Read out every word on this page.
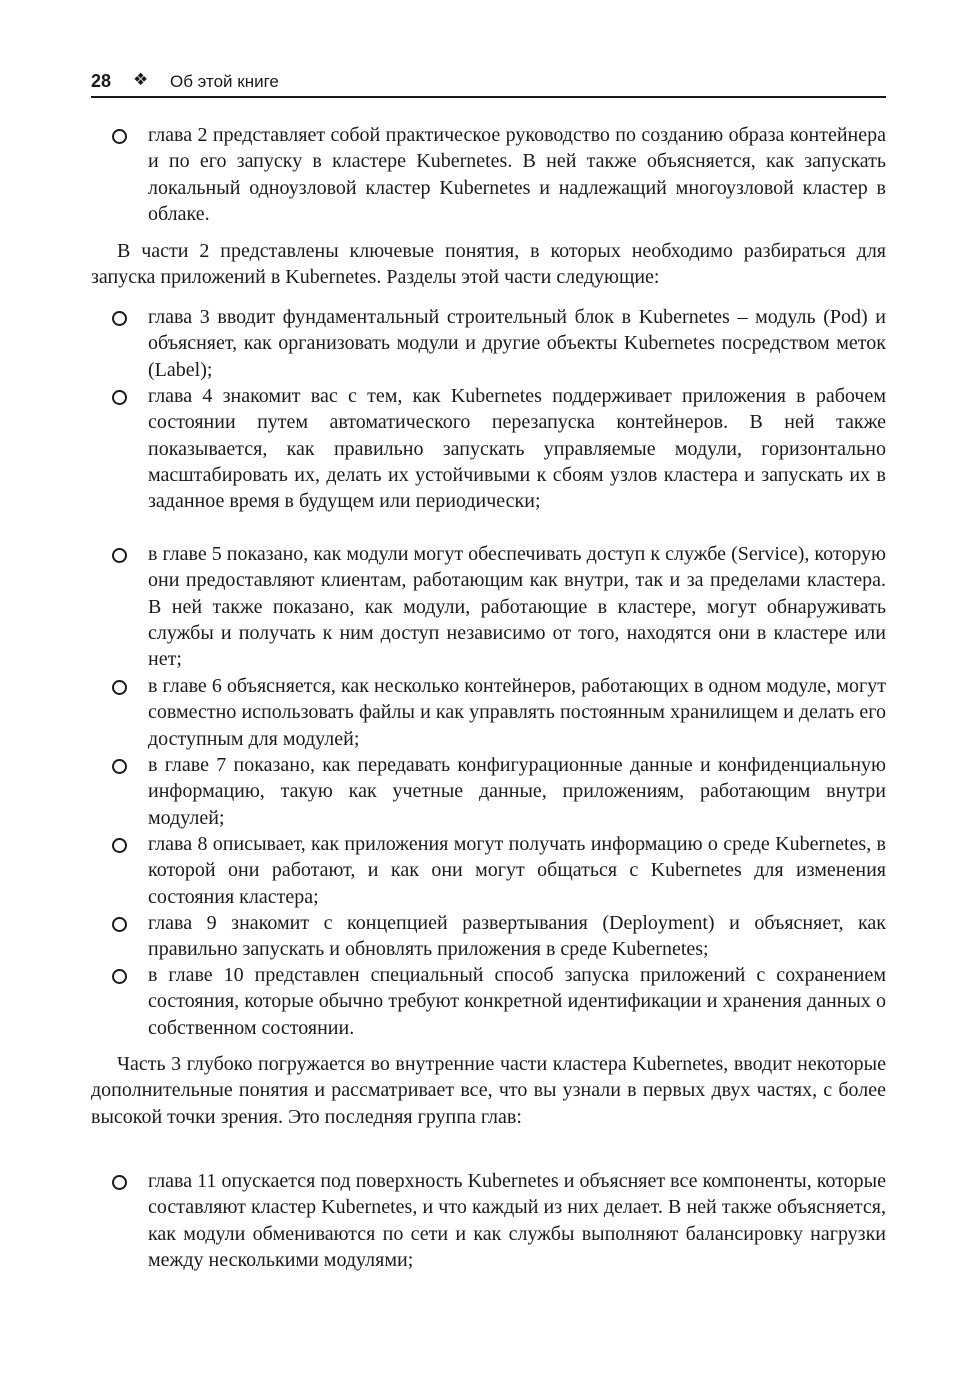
28 ❖ Об этой книге
глава 2 представляет собой практическое руководство по созданию образа контейнера и по его запуску в кластере Kubernetes. В ней также объясняется, как запускать локальный одноузловой кластер Kubernetes и надлежащий многоузловой кластер в облаке.
В части 2 представлены ключевые понятия, в которых необходимо разбираться для запуска приложений в Kubernetes. Разделы этой части следующие:
глава 3 вводит фундаментальный строительный блок в Kubernetes – модуль (Pod) и объясняет, как организовать модули и другие объекты Kubernetes посредством меток (Label);
глава 4 знакомит вас с тем, как Kubernetes поддерживает приложения в рабочем состоянии путем автоматического перезапуска контейнеров. В ней также показывается, как правильно запускать управляемые модули, горизонтально масштабировать их, делать их устойчивыми к сбоям узлов кластера и запускать их в заданное время в будущем или периодически;
в главе 5 показано, как модули могут обеспечивать доступ к службе (Service), которую они предоставляют клиентам, работающим как внутри, так и за пределами кластера. В ней также показано, как модули, работающие в кластере, могут обнаруживать службы и получать к ним доступ независимо от того, находятся они в кластере или нет;
в главе 6 объясняется, как несколько контейнеров, работающих в одном модуле, могут совместно использовать файлы и как управлять постоянным хранилищем и делать его доступным для модулей;
в главе 7 показано, как передавать конфигурационные данные и конфиденциальную информацию, такую как учетные данные, приложениям, работающим внутри модулей;
глава 8 описывает, как приложения могут получать информацию о среде Kubernetes, в которой они работают, и как они могут общаться с Kubernetes для изменения состояния кластера;
глава 9 знакомит с концепцией развертывания (Deployment) и объясняет, как правильно запускать и обновлять приложения в среде Kubernetes;
в главе 10 представлен специальный способ запуска приложений с сохранением состояния, которые обычно требуют конкретной идентификации и хранения данных о собственном состоянии.
Часть 3 глубоко погружается во внутренние части кластера Kubernetes, вводит некоторые дополнительные понятия и рассматривает все, что вы узнали в первых двух частях, с более высокой точки зрения. Это последняя группа глав:
глава 11 опускается под поверхность Kubernetes и объясняет все компоненты, которые составляют кластер Kubernetes, и что каждый из них делает. В ней также объясняется, как модули обмениваются по сети и как службы выполняют балансировку нагрузки между несколькими модулями;
